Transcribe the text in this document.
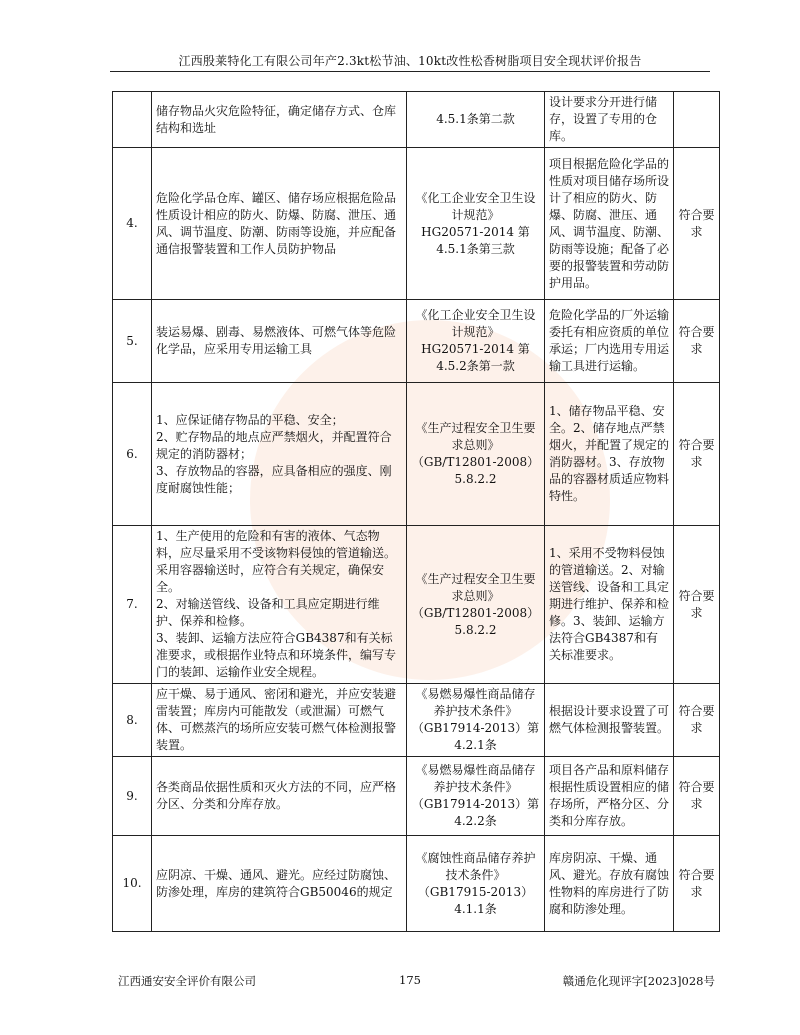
江西殷莱特化工有限公司年产2.3kt松节油、10kt改性松香树脂项目安全现状评价报告

	储存物品火灾危险特征，确定储存方式、仓库结构和选址	4.5.1条第二款	设计要求分开进行储存，设置了专用的仓库。	
4.	危险化学品仓库、罐区、储存场应根据危险品性质设计相应的防火、防爆、防腐、泄压、通风、调节温度、防潮、防雨等设施，并应配备通信报警装置和工作人员防护物品	《化工企业安全卫生设计规范》
HG20571-2014 第
4.5.1条第三款	项目根据危险化学品的性质对项目储存场所设计了相应的防火、防爆、防腐、泄压、通风、调节温度、防潮、防雨等设施；配备了必要的报警装置和劳动防护用品。	符合要求
5.	装运易爆、剧毒、易燃液体、可燃气体等危险化学品，应采用专用运输工具	《化工企业安全卫生设计规范》
HG20571-2014 第
4.5.2条第一款	危险化学品的厂外运输委托有相应资质的单位承运；厂内选用专用运输工具进行运输。	符合要求
6.	1、应保证储存物品的平稳、安全；
2、贮存物品的地点应严禁烟火，并配置符合规定的消防器材；
3、存放物品的容器，应具备相应的强度、刚度耐腐蚀性能；	《生产过程安全卫生要求总则》
（GB/T12801-2008）
5.8.2.2	1、储存物品平稳、安全。2、储存地点严禁烟火，并配置了规定的消防器材。3、存放物品的容器材质适应物料特性。	符合要求
7.	1、生产使用的危险和有害的液体、气态物料，应尽量采用不受该物料侵蚀的管道输送。采用容器输送时，应符合有关规定，确保安全。
2、对输送管线、设备和工具应定期进行维护、保养和检修。
3、装卸、运输方法应符合GB4387和有关标准要求，或根据作业特点和环境条件，编写专门的装卸、运输作业安全规程。	《生产过程安全卫生要求总则》
（GB/T12801-2008）
5.8.2.2	1、采用不受物料侵蚀的管道输送。2、对输送管线、设备和工具定期进行维护、保养和检修。3、装卸、运输方法符合GB4387和有关标准要求。	符合要求
8.	应干燥、易于通风、密闭和避光，并应安装避雷装置；库房内可能散发（或泄漏）可燃气体、可燃蒸汽的场所应安装可燃气体检测报警装置。	《易燃易爆性商品储存养护技术条件》
（GB17914-2013）第
4.2.1条	根据设计要求设置了可燃气体检测报警装置。	符合要求
9.	各类商品依据性质和灭火方法的不同，应严格分区、分类和分库存放。	《易燃易爆性商品储存养护技术条件》
（GB17914-2013）第
4.2.2条	项目各产品和原料储存根据性质设置相应的储存场所，严格分区、分类和分库存放。	符合要求
10.	应阴凉、干燥、通风、避光。应经过防腐蚀、防渗处理，库房的建筑符合GB50046的规定	《腐蚀性商品储存养护技术条件》
（GB17915-2013）
4.1.1条	库房阴凉、干燥、通风、避光。存放有腐蚀性物料的库房进行了防腐和防渗处理。	符合要求
江西通安安全评价有限公司	175	赣通危化现评字[2023]028号
